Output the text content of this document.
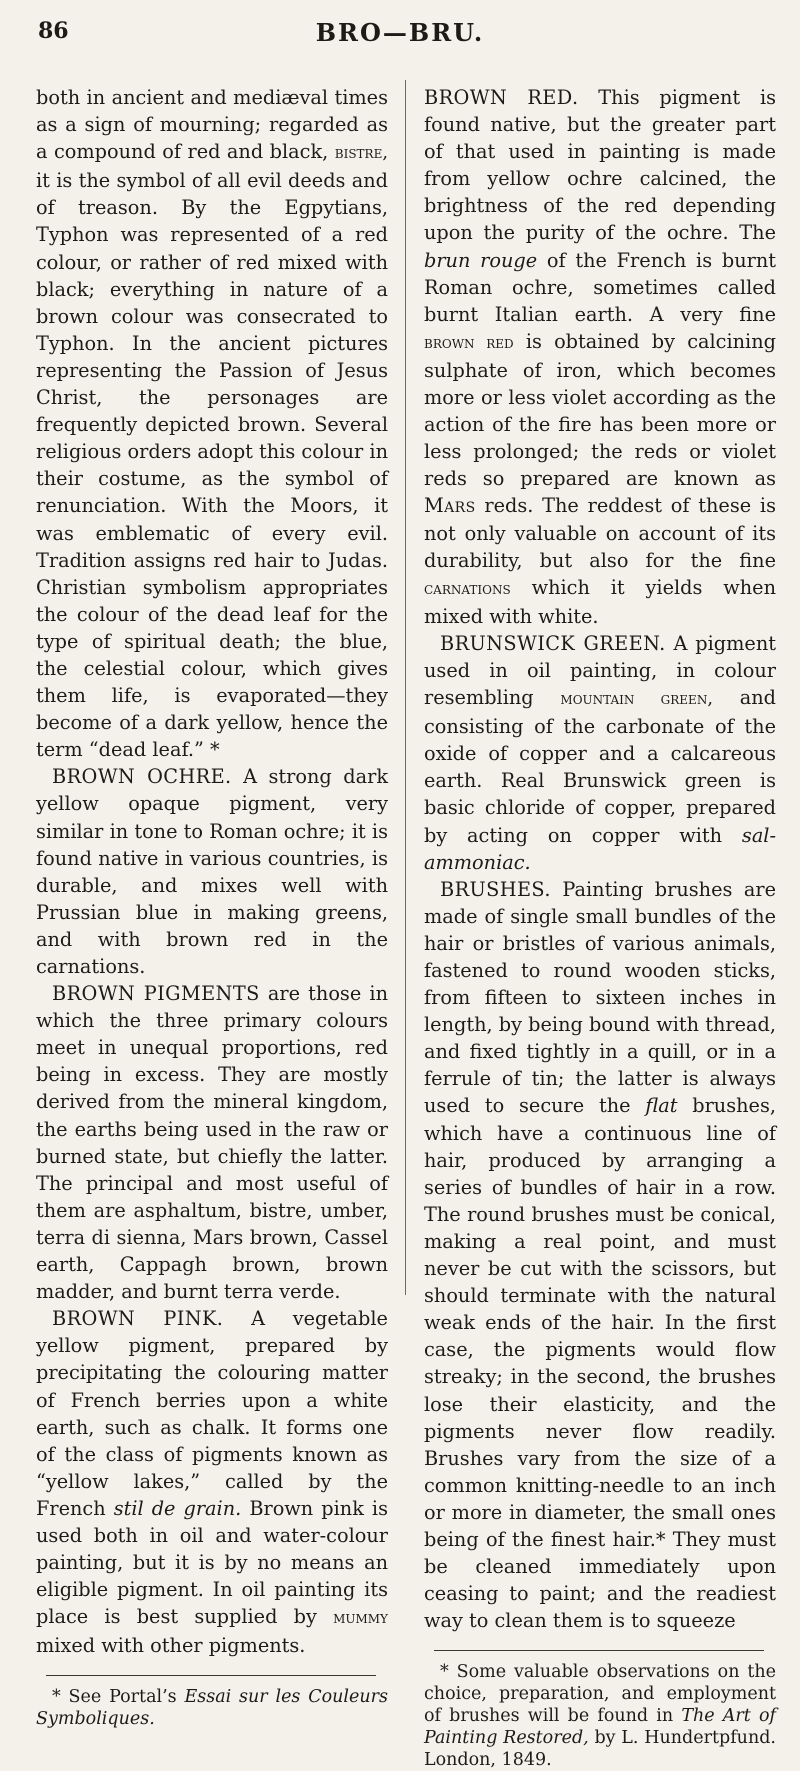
86	BRO—BRU.

both in ancient and mediæval times as a sign of mourning; regarded as a compound of red and black, bistre, it is the symbol of all evil deeds and of treason. By the Egpytians, Typhon was represented of a red colour, or rather of red mixed with black; everything in nature of a brown colour was consecrated to Typhon. In the ancient pictures representing the Passion of Jesus Christ, the personages are frequently depicted brown. Several religious orders adopt this colour in their costume, as the symbol of renunciation. With the Moors, it was emblematic of every evil. Tradition assigns red hair to Judas. Christian symbolism appropriates the colour of the dead leaf for the type of spiritual death; the blue, the celestial colour, which gives them life, is evaporated—they become of a dark yellow, hence the term “dead leaf.” *

BROWN OCHRE. A strong dark yellow opaque pigment, very similar in tone to Roman ochre; it is found native in various countries, is durable, and mixes well with Prussian blue in making greens, and with brown red in the carnations.

BROWN PIGMENTS are those in which the three primary colours meet in unequal proportions, red being in excess. They are mostly derived from the mineral kingdom, the earths being used in the raw or burned state, but chiefly the latter. The principal and most useful of them are asphaltum, bistre, umber, terra di sienna, Mars brown, Cassel earth, Cappagh brown, brown madder, and burnt terra verde.

BROWN PINK. A vegetable yellow pigment, prepared by precipitating the colouring matter of French berries upon a white earth, such as chalk. It forms one of the class of pigments known as “yellow lakes,” called by the French stil de grain. Brown pink is used both in oil and water-colour painting, but it is by no means an eligible pigment. In oil painting its place is best supplied by mummy mixed with other pigments.

* See Portal’s Essai sur les Couleurs Symboliques.

BROWN RED. This pigment is found native, but the greater part of that used in painting is made from yellow ochre calcined, the brightness of the red depending upon the purity of the ochre. The brun rouge of the French is burnt Roman ochre, sometimes called burnt Italian earth. A very fine brown red is obtained by calcining sulphate of iron, which becomes more or less violet according as the action of the fire has been more or less prolonged; the reds or violet reds so prepared are known as Mars reds. The reddest of these is not only valuable on account of its durability, but also for the fine carnations which it yields when mixed with white.

BRUNSWICK GREEN. A pigment used in oil painting, in colour resembling mountain green, and consisting of the carbonate of the oxide of copper and a calcareous earth. Real Brunswick green is basic chloride of copper, prepared by acting on copper with sal-ammoniac.

BRUSHES. Painting brushes are made of single small bundles of the hair or bristles of various animals, fastened to round wooden sticks, from fifteen to sixteen inches in length, by being bound with thread, and fixed tightly in a quill, or in a ferrule of tin; the latter is always used to secure the flat brushes, which have a continuous line of hair, produced by arranging a series of bundles of hair in a row. The round brushes must be conical, making a real point, and must never be cut with the scissors, but should terminate with the natural weak ends of the hair. In the first case, the pigments would flow streaky; in the second, the brushes lose their elasticity, and the pigments never flow readily. Brushes vary from the size of a common knitting-needle to an inch or more in diameter, the small ones being of the finest hair.* They must be cleaned immediately upon ceasing to paint; and the readiest way to clean them is to squeeze

* Some valuable observations on the choice, preparation, and employment of brushes will be found in The Art of Painting Restored, by L. Hundertpfund. London, 1849.
